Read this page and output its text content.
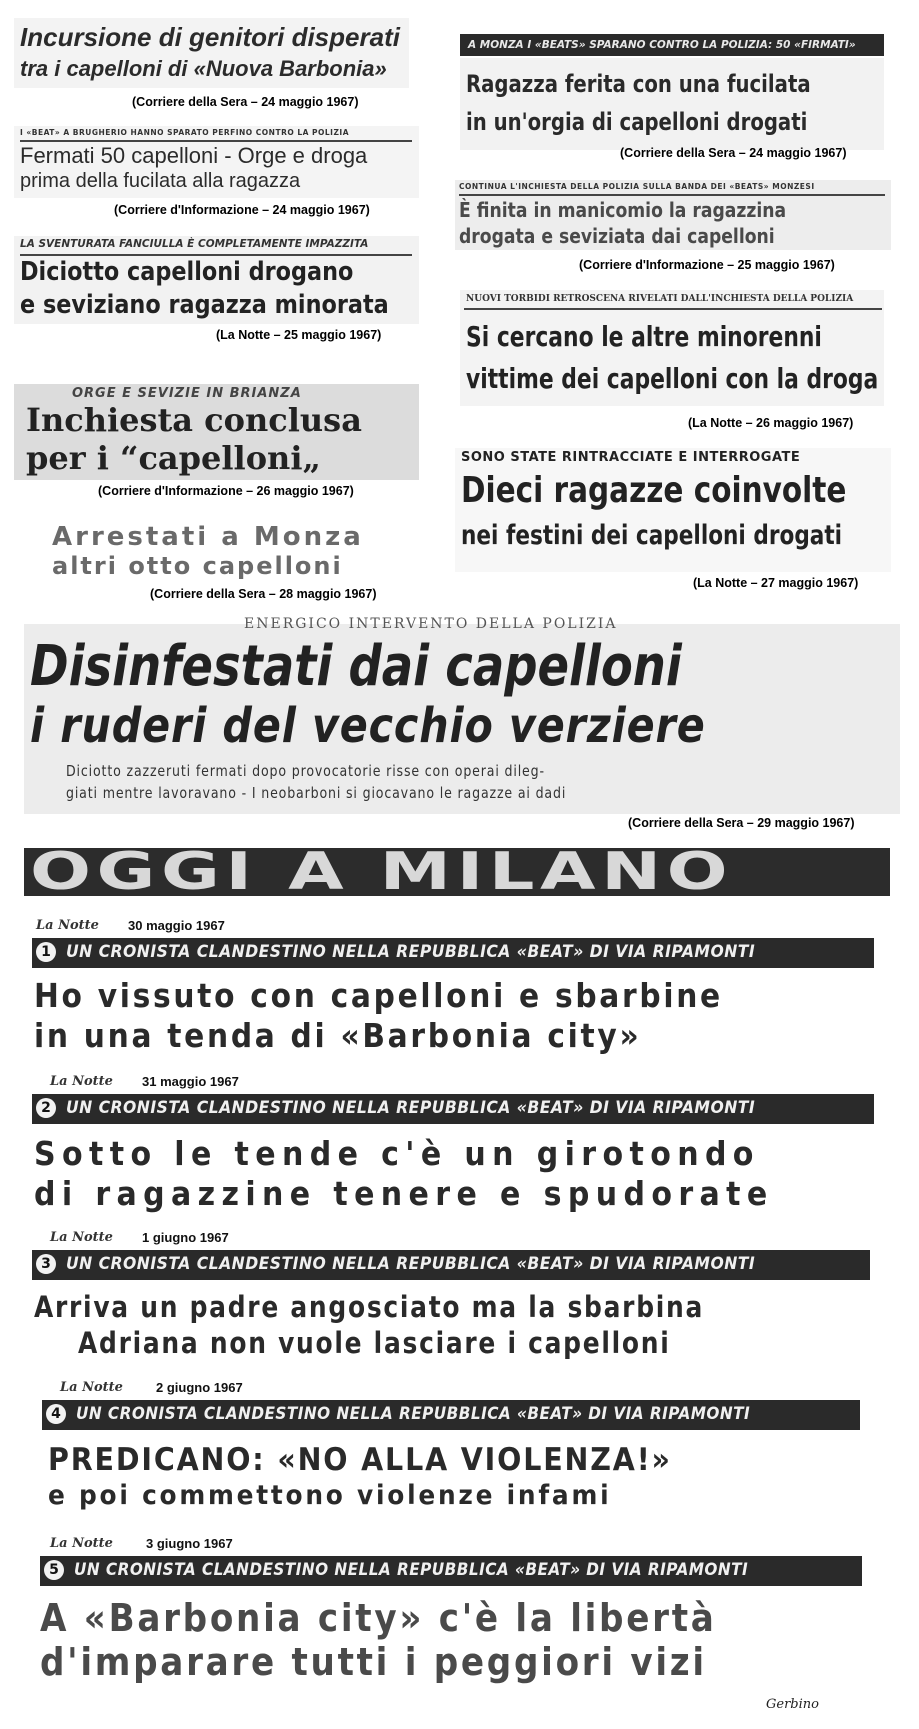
Incursione di genitori disperati
tra i capelloni di «Nuova Barbonia»
(Corriere della Sera – 24 maggio 1967)
I «BEAT» A BRUGHERIO HANNO SPARATO PERFINO CONTRO LA POLIZIA
Fermati 50 capelloni - Orge e droga
prima della fucilata alla ragazza
(Corriere d'Informazione – 24 maggio 1967)
LA SVENTURATA FANCIULLA È COMPLETAMENTE IMPAZZITA
Diciotto capelloni drogano
e seviziano ragazza minorata
(La Notte – 25 maggio 1967)
ORGE E SEVIZIE IN BRIANZA
Inchiesta conclusa
per i “capelloni„
(Corriere d'Informazione – 26 maggio 1967)
Arrestati a Monza
altri otto capelloni
(Corriere della Sera – 28 maggio 1967)
A MONZA I «BEATS» SPARANO CONTRO LA POLIZIA: 50 «FIRMATI»
Ragazza ferita con una fucilata
in un'orgia di capelloni drogati
(Corriere della Sera – 24 maggio 1967)
CONTINUA L'INCHIESTA DELLA POLIZIA SULLA BANDA DEI «BEATS» MONZESI
È finita in manicomio la ragazzina
drogata e seviziata dai capelloni
(Corriere d'Informazione – 25 maggio 1967)
NUOVI TORBIDI RETROSCENA RIVELATI DALL'INCHIESTA DELLA POLIZIA
Si cercano le altre minorenni
vittime dei capelloni con la droga
(La Notte – 26 maggio 1967)
SONO STATE RINTRACCIATE E INTERROGATE
Dieci ragazze coinvolte
nei festini dei capelloni drogati
(La Notte – 27 maggio 1967)
ENERGICO INTERVENTO DELLA POLIZIA
Disinfestati dai capelloni
i ruderi del vecchio verziere
Diciotto zazzeruti fermati dopo provocatorie risse con operai dileg-
giati mentre lavoravano - I neobarboni si giocavano le ragazze ai dadi
(Corriere della Sera – 29 maggio 1967)
OGGI A MILANO
La Notte 30 maggio 1967
1 UN CRONISTA CLANDESTINO NELLA REPUBBLICA «BEAT» DI VIA RIPAMONTI
Ho vissuto con capelloni e sbarbine
in una tenda di «Barbonia city»
La Notte 31 maggio 1967
2 UN CRONISTA CLANDESTINO NELLA REPUBBLICA «BEAT» DI VIA RIPAMONTI
Sotto le tende c'è un girotondo
di ragazzine tenere e spudorate
La Notte 1 giugno 1967
3 UN CRONISTA CLANDESTINO NELLA REPUBBLICA «BEAT» DI VIA RIPAMONTI
Arriva un padre angosciato ma la sbarbina
Adriana non vuole lasciare i capelloni
La Notte	2 giugno 1967
4 UN CRONISTA CLANDESTINO NELLA REPUBBLICA «BEAT» DI VIA RIPAMONTI
PREDICANO: «NO ALLA VIOLENZA!»
e poi commettono violenze infami
La Notte	3 giugno 1967
5 UN CRONISTA CLANDESTINO NELLA REPUBBLICA «BEAT» DI VIA RIPAMONTI
A «Barbonia city» c'è la libertà
d'imparare tutti i peggiori vizi
Gerbino
